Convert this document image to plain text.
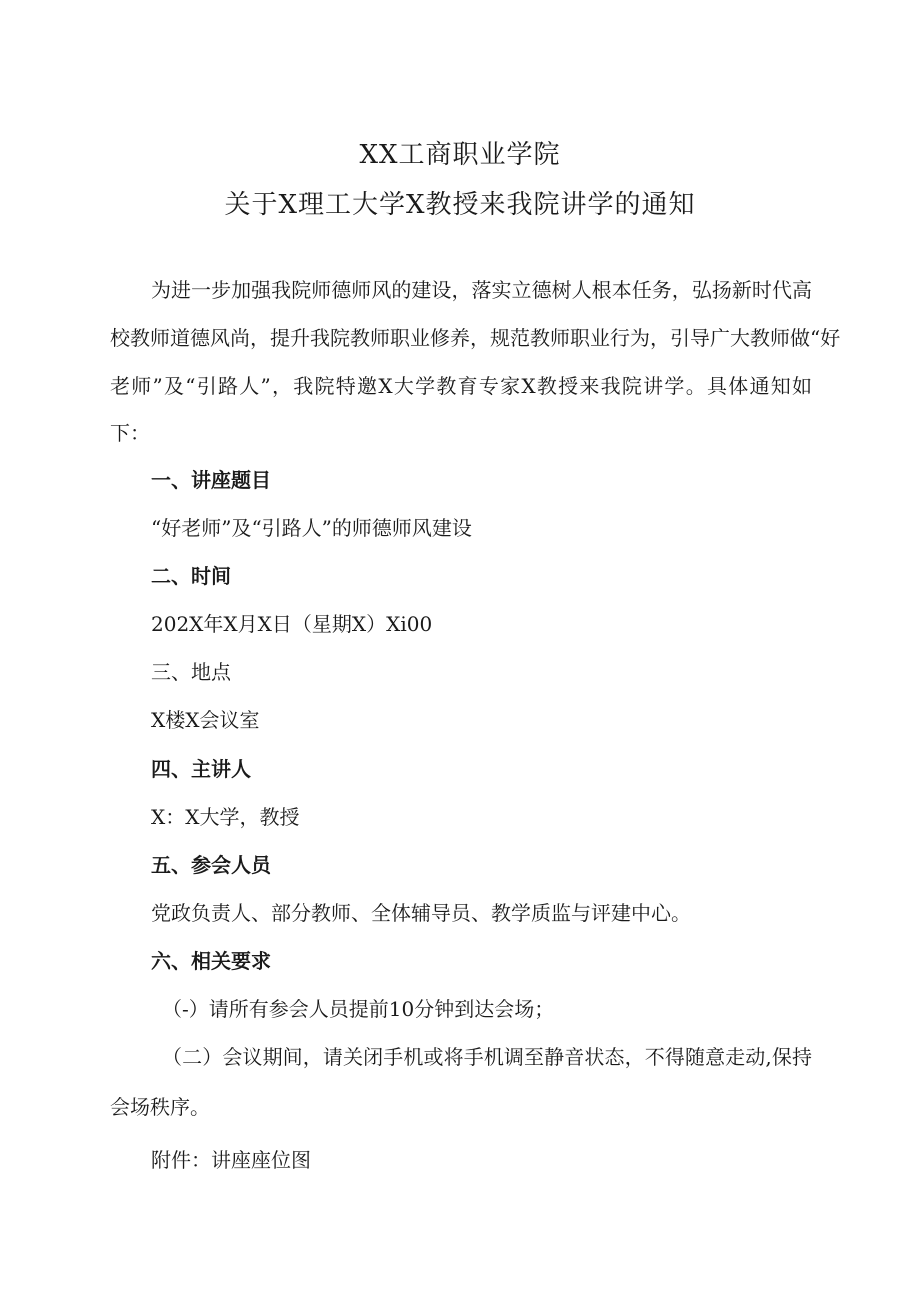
XX工商职业学院
关于X理工大学X教授来我院讲学的通知
为进一步加强我院师德师风的建设，落实立德树人根本任务，弘扬新时代高
校教师道德风尚，提升我院教师职业修养，规范教师职业行为，引导广大教师做“好
老师”及“引路人”，我院特邀X大学教育专家X教授来我院讲学。具体通知如
下：
一、讲座题目
“好老师”及“引路人”的师德师风建设
二、时间
202X年X月X日（星期X）Xi00
三、地点
X楼X会议室
四、主讲人
X：X大学，教授
五、参会人员
党政负责人、部分教师、全体辅导员、教学质监与评建中心。
六、相关要求
（-）请所有参会人员提前10分钟到达会场；
（二）会议期间，请关闭手机或将手机调至静音状态，不得随意走动,保持
会场秩序。
附件：讲座座位图
